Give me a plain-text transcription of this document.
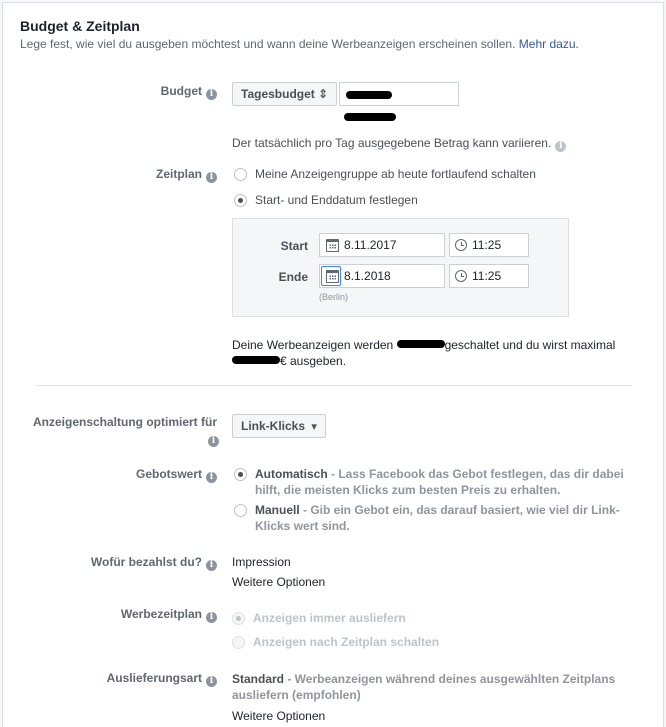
Budget & Zeitplan
Lege fest, wie viel du ausgeben möchtest und wann deine Werbeanzeigen erscheinen sollen. Mehr dazu.
Budget i	Tagesbudget ⇕
Der tatsächlich pro Tag ausgegebene Betrag kann variieren. i
Zeitplan i	Meine Anzeigengruppe ab heute fortlaufend schalten
Start- und Enddatum festlegen
Start	8.11.2017	11:25
Ende	8.1.2018	11:25
(Berlin)
Deine Werbeanzeigen werden	geschaltet und du wirst maximal
€ ausgeben.
Anzeigenschaltung optimiert für
i
Link-Klicks ▾
Gebotswert i	Automatisch - Lass Facebook das Gebot festlegen, das dir dabei
hilft, die meisten Klicks zum besten Preis zu erhalten.
Manuell - Gib ein Gebot ein, das darauf basiert, wie viel dir Link-
Klicks wert sind.
Wofür bezahlst du? i	Impression
Weitere Optionen
Werbezeitplan i	Anzeigen immer ausliefern
Anzeigen nach Zeitplan schalten
Auslieferungsart i	Standard - Werbeanzeigen während deines ausgewählten Zeitplans
ausliefern (empfohlen)
Weitere Optionen
